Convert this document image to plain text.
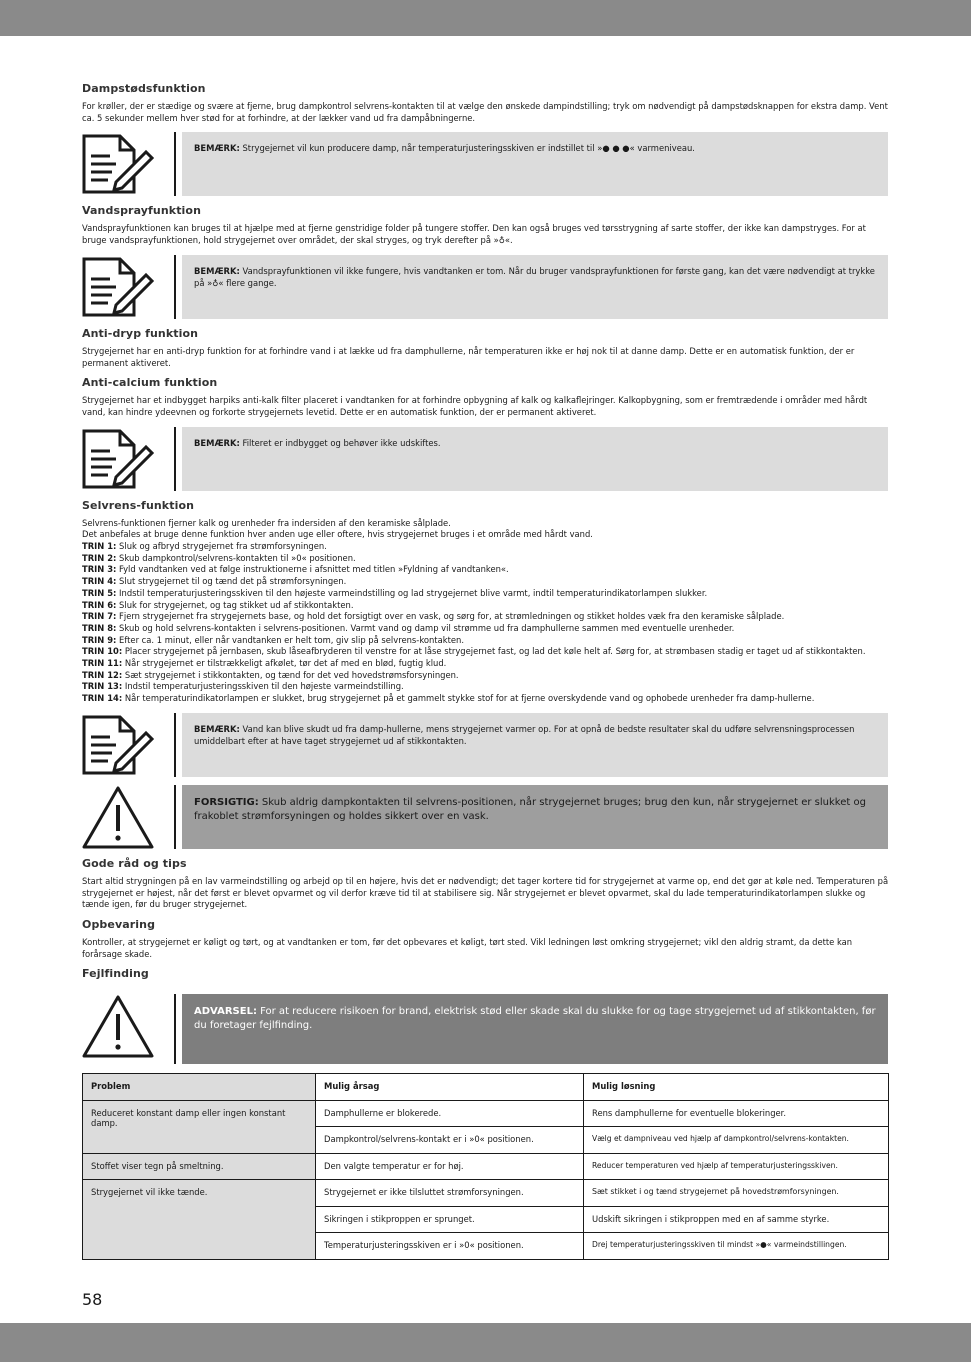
Dampstødsfunktion

For krøller, der er stædige og svære at fjerne, brug dampkontrol selvrens-kontakten til at vælge den ønskede dampindstilling; tryk om nødvendigt på dampstødsknappen for ekstra damp. Vent ca. 5 sekunder mellem hver stød for at forhindre, at der lækker vand ud fra dampåbningerne.

BEMÆRK: Strygejernet vil kun producere damp, når temperaturjusteringsskiven er indstillet til »● ● ●« varmeniveau.
Vandsprayfunktion

Vandsprayfunktionen kan bruges til at hjælpe med at fjerne genstridige folder på tungere stoffer. Den kan også bruges ved tørsstrygning af sarte stoffer, der ikke kan dampstryges. For at bruge vandsprayfunktionen, hold strygejernet over området, der skal stryges, og tryk derefter på »♁«.

BEMÆRK: Vandsprayfunktionen vil ikke fungere, hvis vandtanken er tom. Når du bruger vandsprayfunktionen for første gang, kan det være nødvendigt at trykke på »♁« flere gange.
Anti-dryp funktion

Strygejernet har en anti-dryp funktion for at forhindre vand i at lække ud fra damphullerne, når temperaturen ikke er høj nok til at danne damp. Dette er en automatisk funktion, der er permanent aktiveret.

Anti-calcium funktion

Strygejernet har et indbygget harpiks anti-kalk filter placeret i vandtanken for at forhindre opbygning af kalk og kalkaflejringer. Kalkopbygning, som er fremtrædende i områder med hårdt vand, kan hindre ydeevnen og forkorte strygejernets levetid. Dette er en automatisk funktion, der er permanent aktiveret.

BEMÆRK: Filteret er indbygget og behøver ikke udskiftes.
Selvrens-funktion

Selvrens-funktionen fjerner kalk og urenheder fra indersiden af den keramiske sålplade.

Det anbefales at bruge denne funktion hver anden uge eller oftere, hvis strygejernet bruges i et område med hårdt vand.

TRIN 1: Sluk og afbryd strygejernet fra strømforsyningen.

TRIN 2: Skub dampkontrol/selvrens-kontakten til »0« positionen.

TRIN 3: Fyld vandtanken ved at følge instruktionerne i afsnittet med titlen »Fyldning af vandtanken«.

TRIN 4: Slut strygejernet til og tænd det på strømforsyningen.

TRIN 5: Indstil temperaturjusteringsskiven til den højeste varmeindstilling og lad strygejernet blive varmt, indtil temperaturindikatorlampen slukker.

TRIN 6: Sluk for strygejernet, og tag stikket ud af stikkontakten.

TRIN 7: Fjern strygejernet fra strygejernets base, og hold det forsigtigt over en vask, og sørg for, at strømledningen og stikket holdes væk fra den keramiske sålplade.

TRIN 8: Skub og hold selvrens-kontakten i selvrens-positionen. Varmt vand og damp vil strømme ud fra damphullerne sammen med eventuelle urenheder.

TRIN 9: Efter ca. 1 minut, eller når vandtanken er helt tom, giv slip på selvrens-kontakten.

TRIN 10: Placer strygejernet på jernbasen, skub låseafbryderen til venstre for at låse strygejernet fast, og lad det køle helt af. Sørg for, at strømbasen stadig er taget ud af stikkontakten.

TRIN 11: Når strygejernet er tilstrækkeligt afkølet, tør det af med en blød, fugtig klud.

TRIN 12: Sæt strygejernet i stikkontakten, og tænd for det ved hovedstrømsforsyningen.

TRIN 13: Indstil temperaturjusteringsskiven til den højeste varmeindstilling.

TRIN 14: Når temperaturindikatorlampen er slukket, brug strygejernet på et gammelt stykke stof for at fjerne overskydende vand og ophobede urenheder fra damp-hullerne.

BEMÆRK: Vand kan blive skudt ud fra damp-hullerne, mens strygejernet varmer op. For at opnå de bedste resultater skal du udføre selvrensningsprocessen umiddelbart efter at have taget strygejernet ud af stikkontakten.
FORSIGTIG: Skub aldrig dampkontakten til selvrens-positionen, når strygejernet bruges; brug den kun, når strygejernet er slukket og frakoblet strømforsyningen og holdes sikkert over en vask.
Gode råd og tips

Start altid strygningen på en lav varmeindstilling og arbejd op til en højere, hvis det er nødvendigt; det tager kortere tid for strygejernet at varme op, end det gør at køle ned. Temperaturen på strygejernet er højest, når det først er blevet opvarmet og vil derfor kræve tid til at stabilisere sig. Når strygejernet er blevet opvarmet, skal du lade temperaturindikatorlampen slukke og tænde igen, før du bruger strygejernet.

Opbevaring

Kontroller, at strygejernet er køligt og tørt, og at vandtanken er tom, før det opbevares et køligt, tørt sted. Vikl ledningen løst omkring strygejernet; vikl den aldrig stramt, da dette kan forårsage skade.

Fejlfinding
ADVARSEL: For at reducere risikoen for brand, elektrisk stød eller skade skal du slukke for og tage strygejernet ud af stikkontakten, før du foretager fejlfinding.
Problem	Mulig årsag	Mulig løsning
Reduceret konstant damp eller ingen konstant damp.	Damphullerne er blokerede.	Rens damphullerne for eventuelle blokeringer.
	Dampkontrol/selvrens-kontakt er i »0« positionen.	Vælg et dampniveau ved hjælp af dampkontrol/selvrens-kontakten.
Stoffet viser tegn på smeltning.	Den valgte temperatur er for høj.	Reducer temperaturen ved hjælp af temperaturjusteringsskiven.
Strygejernet vil ikke tænde.	Strygejernet er ikke tilsluttet strømforsyningen.	Sæt stikket i og tænd strygejernet på hovedstrømforsyningen.
	Sikringen i stikproppen er sprunget.	Udskift sikringen i stikproppen med en af samme styrke.
	Temperaturjusteringsskiven er i »0« positionen.	Drej temperaturjusteringsskiven til mindst »●« varmeindstillingen.
58
